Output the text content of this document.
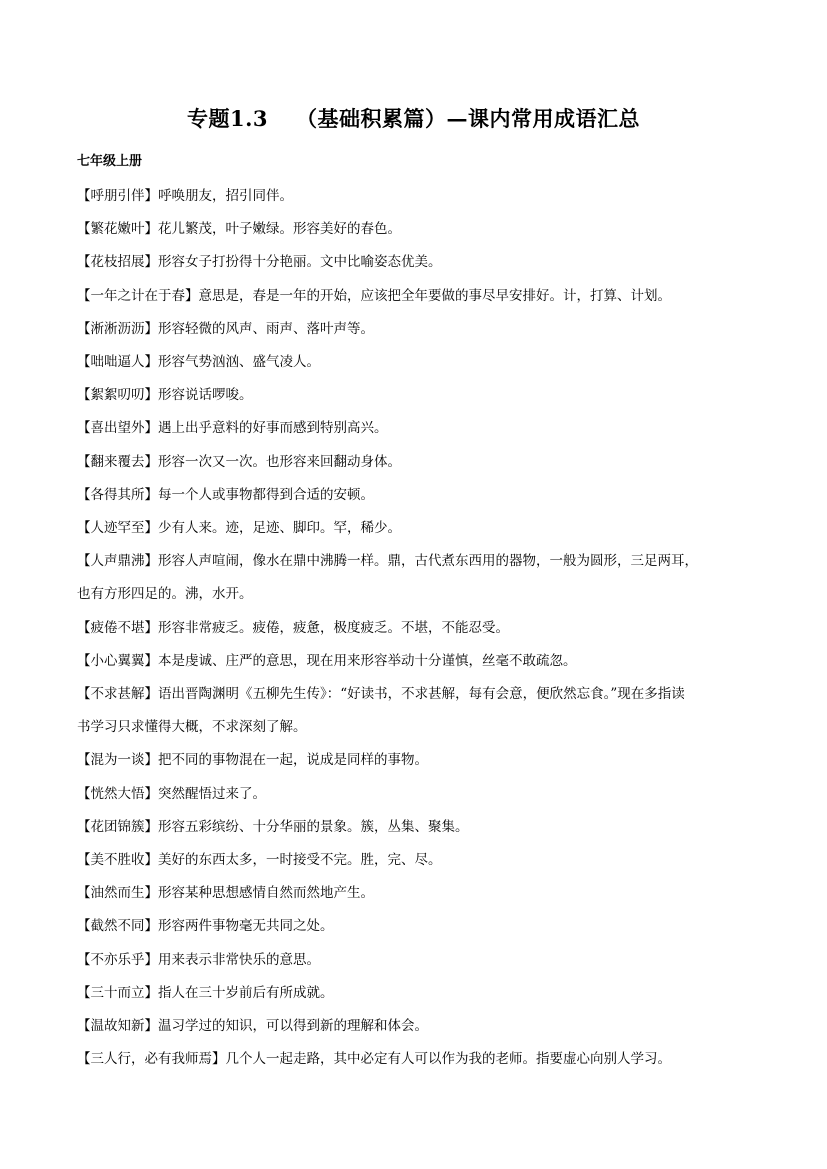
专题1.3 （基础积累篇）—课内常用成语汇总
七年级上册
【 呼朋引伴 】 呼唤朋友，招引同伴。
【 繁花嫩叶 】 花儿繁茂，叶子嫩绿。形容美好的春色。
【 花枝招展 】 形容女子打扮得十分艳丽。文中比喻姿态优美。
【 一年之计在于春 】 意思是，春是一年的开始，应该把全年要做的事尽早安排好。计，打算、计划。
【 淅淅沥沥 】 形容轻微的风声、雨声、落叶声等。
【 咄咄逼人 】 形容气势汹汹、盛气凌人。
【 絮絮叨叨 】 形容说话啰唆。
【 喜出望外 】 遇上出乎意料的好事而感到特别高兴。
【 翻来覆去 】 形容一次又一次。也形容来回翻动身体。
【 各得其所 】 每一个人或事物都得到合适的安顿。
【 人迹罕至 】 少有人来。迹，足迹、脚印。罕，稀少。
【 人声鼎沸 】 形容人声喧闹，像水在鼎中沸腾一样。鼎，古代煮东西用的器物，一般为圆形，三足两耳，
也有方形四足的。沸，水开。
【 疲倦不堪 】 形容非常疲乏。疲倦，疲惫，极度疲乏。不堪，不能忍受。
【 小心翼翼 】 本是虔诚、庄严的意思，现在用来形容举动十分谨慎，丝毫不敢疏忽。
【 不求甚解 】 语出晋陶渊明《五柳先生传》：“好读书，不求甚解，每有会意，便欣然忘食。”现在多指读
书学习只求懂得大概，不求深刻了解。
【 混为一谈 】 把不同的事物混在一起，说成是同样的事物。
【 恍然大悟 】 突然醒悟过来了。
【 花团锦簇 】 形容五彩缤纷、十分华丽的景象。簇，丛集、聚集。
【 美不胜收 】 美好的东西太多，一时接受不完。胜，完、尽。
【 油然而生 】 形容某种思想感情自然而然地产生。
【 截然不同 】 形容两件事物毫无共同之处。
【 不亦乐乎 】 用来表示非常快乐的意思。
【 三十而立 】 指人在三十岁前后有所成就。
【 温故知新 】 温习学过的知识，可以得到新的理解和体会。
【 三人行，必有我师焉 】 几个人一起走路，其中必定有人可以作为我的老师。指要虚心向别人学习。
